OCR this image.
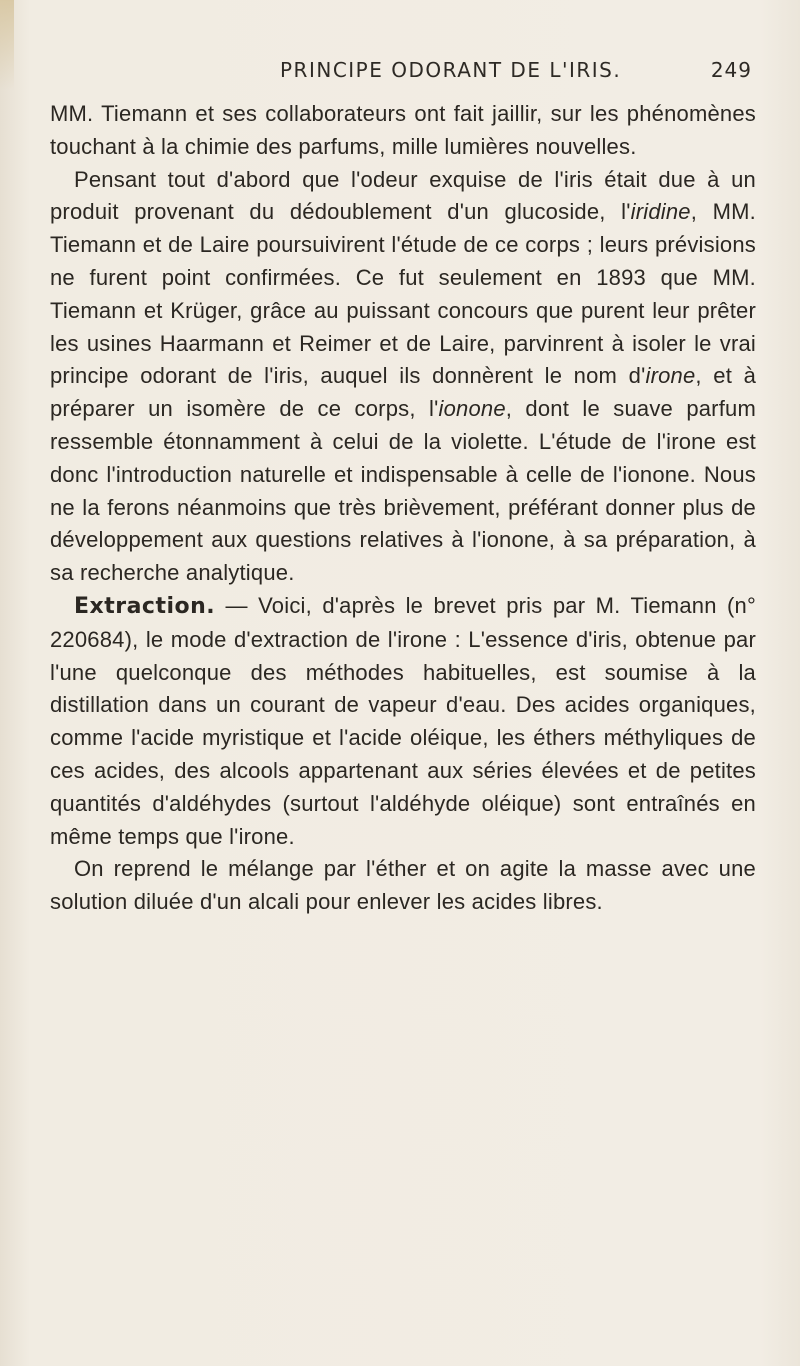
PRINCIPE ODORANT DE L'IRIS.	249

MM. Tiemann et ses collaborateurs ont fait jaillir, sur les phénomènes touchant à la chimie des parfums, mille lumières nouvelles.

Pensant tout d'abord que l'odeur exquise de l'iris était due à un produit provenant du dédoublement d'un glucoside, l'iridine, MM. Tiemann et de Laire poursuivirent l'étude de ce corps ; leurs prévisions ne furent point confirmées. Ce fut seulement en 1893 que MM. Tiemann et Krüger, grâce au puissant concours que purent leur prêter les usines Haarmann et Reimer et de Laire, parvinrent à isoler le vrai principe odorant de l'iris, auquel ils donnèrent le nom d'irone, et à préparer un isomère de ce corps, l'ionone, dont le suave parfum ressemble étonnamment à celui de la violette. L'étude de l'irone est donc l'introduction naturelle et indispensable à celle de l'ionone. Nous ne la ferons néanmoins que très brièvement, préférant donner plus de développement aux questions relatives à l'ionone, à sa préparation, à sa recherche analytique.

Extraction. — Voici, d'après le brevet pris par M. Tiemann (n° 220684), le mode d'extraction de l'irone : L'essence d'iris, obtenue par l'une quelconque des méthodes habituelles, est soumise à la distillation dans un courant de vapeur d'eau. Des acides organiques, comme l'acide myristique et l'acide oléique, les éthers méthyliques de ces acides, des alcools appartenant aux séries élevées et de petites quantités d'aldéhydes (surtout l'aldéhyde oléique) sont entraînés en même temps que l'irone.

On reprend le mélange par l'éther et on agite la masse avec une solution diluée d'un alcali pour enlever les acides libres.
